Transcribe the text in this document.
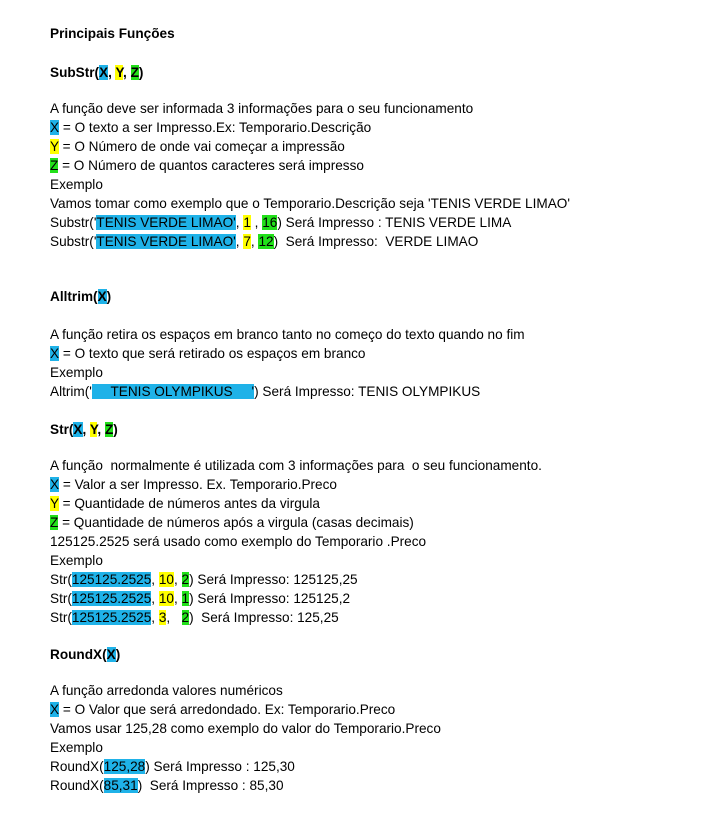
Principais Funções
SubStr(X, Y, Z)
A função deve ser informada 3 informações para o seu funcionamento
X = O texto a ser Impresso.Ex: Temporario.Descrição
Y = O Número de onde vai começar a impressão
Z = O Número de quantos caracteres será impresso
Exemplo
Vamos tomar como exemplo que o Temporario.Descrição seja 'TENIS VERDE LIMAO'
Substr('TENIS VERDE LIMAO', 1 , 16) Será Impresso : TENIS VERDE LIMA
Substr('TENIS VERDE LIMAO', 7, 12)  Será Impresso:  VERDE LIMAO
Alltrim(X)
A função retira os espaços em branco tanto no começo do texto quando no fim
X = O texto que será retirado os espaços em branco
Exemplo
Altrim('     TENIS OLYMPIKUS     ') Será Impresso: TENIS OLYMPIKUS
Str(X, Y, Z)
A função  normalmente é utilizada com 3 informações para  o seu funcionamento.
X = Valor a ser Impresso. Ex. Temporario.Preco
Y = Quantidade de números antes da virgula
Z = Quantidade de números após a virgula (casas decimais)
125125.2525 será usado como exemplo do Temporario .Preco
Exemplo
Str(125125.2525, 10, 2) Será Impresso: 125125,25
Str(125125.2525, 10, 1) Será Impresso: 125125,2
Str(125125.2525, 3,   2)  Será Impresso: 125,25
RoundX(X)
A função arredonda valores numéricos
X = O Valor que será arredondado. Ex: Temporario.Preco
Vamos usar 125,28 como exemplo do valor do Temporario.Preco
Exemplo
RoundX(125,28) Será Impresso : 125,30
RoundX(85,31)  Será Impresso : 85,30
